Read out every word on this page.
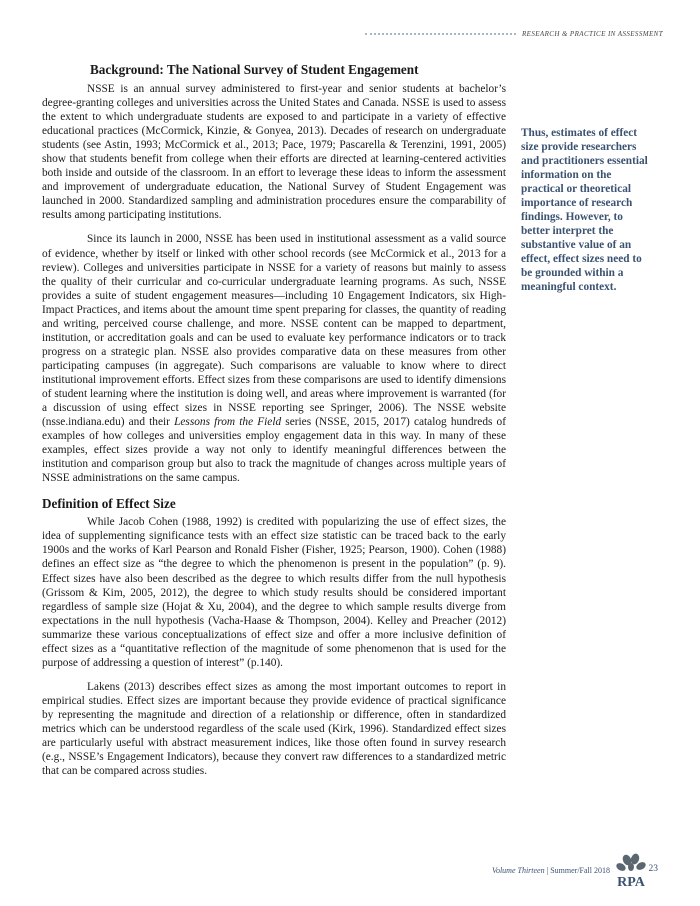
RESEARCH & PRACTICE IN ASSESSMENT
Background: The National Survey of Student Engagement

NSSE is an annual survey administered to first-year and senior students at bachelor’s degree-granting colleges and universities across the United States and Canada. NSSE is used to assess the extent to which undergraduate students are exposed to and participate in a variety of effective educational practices (McCormick, Kinzie, & Gonyea, 2013). Decades of research on undergraduate students (see Astin, 1993; McCormick et al., 2013; Pace, 1979; Pascarella & Terenzini, 1991, 2005) show that students benefit from college when their efforts are directed at learning-centered activities both inside and outside of the classroom. In an effort to leverage these ideas to inform the assessment and improvement of undergraduate education, the National Survey of Student Engagement was launched in 2000. Standardized sampling and administration procedures ensure the comparability of results among participating institutions.

Since its launch in 2000, NSSE has been used in institutional assessment as a valid source of evidence, whether by itself or linked with other school records (see McCormick et al., 2013 for a review). Colleges and universities participate in NSSE for a variety of reasons but mainly to assess the quality of their curricular and co-curricular undergraduate learning programs. As such, NSSE provides a suite of student engagement measures—including 10 Engagement Indicators, six High-Impact Practices, and items about the amount time spent preparing for classes, the quantity of reading and writing, perceived course challenge, and more. NSSE content can be mapped to department, institution, or accreditation goals and can be used to evaluate key performance indicators or to track progress on a strategic plan. NSSE also provides comparative data on these measures from other participating campuses (in aggregate). Such comparisons are valuable to know where to direct institutional improvement efforts. Effect sizes from these comparisons are used to identify dimensions of student learning where the institution is doing well, and areas where improvement is warranted (for a discussion of using effect sizes in NSSE reporting see Springer, 2006). The NSSE website (nsse.indiana.edu) and their Lessons from the Field series (NSSE, 2015, 2017) catalog hundreds of examples of how colleges and universities employ engagement data in this way. In many of these examples, effect sizes provide a way not only to identify meaningful differences between the institution and comparison group but also to track the magnitude of changes across multiple years of NSSE administrations on the same campus.

Definition of Effect Size

While Jacob Cohen (1988, 1992) is credited with popularizing the use of effect sizes, the idea of supplementing significance tests with an effect size statistic can be traced back to the early 1900s and the works of Karl Pearson and Ronald Fisher (Fisher, 1925; Pearson, 1900). Cohen (1988) defines an effect size as “the degree to which the phenomenon is present in the population” (p. 9). Effect sizes have also been described as the degree to which results differ from the null hypothesis (Grissom & Kim, 2005, 2012), the degree to which study results should be considered important regardless of sample size (Hojat & Xu, 2004), and the degree to which sample results diverge from expectations in the null hypothesis (Vacha-Haase & Thompson, 2004). Kelley and Preacher (2012) summarize these various conceptualizations of effect size and offer a more inclusive definition of effect sizes as a “quantitative reflection of the magnitude of some phenomenon that is used for the purpose of addressing a question of interest” (p.140).

Lakens (2013) describes effect sizes as among the most important outcomes to report in empirical studies. Effect sizes are important because they provide evidence of practical significance by representing the magnitude and direction of a relationship or difference, often in standardized metrics which can be understood regardless of the scale used (Kirk, 1996). Standardized effect sizes are particularly useful with abstract measurement indices, like those often found in survey research (e.g., NSSE’s Engagement Indicators), because they convert raw differences to a standardized metric that can be compared across studies.

Thus, estimates of effect size provide researchers and practitioners essential information on the practical or theoretical importance of research findings. However, to better interpret the substantive value of an effect, effect sizes need to be grounded within a meaningful context.
Volume Thirteen | Summer/Fall 2018
RPA
23
